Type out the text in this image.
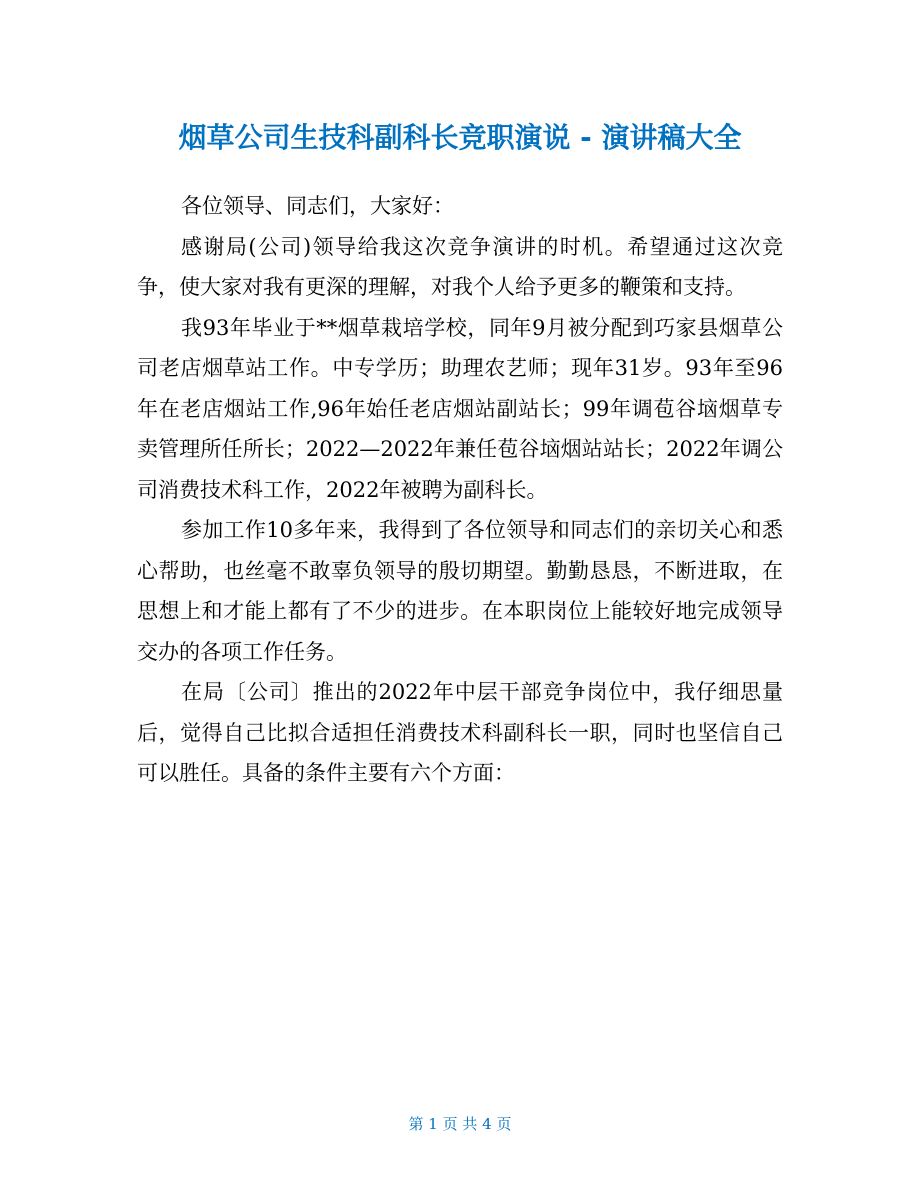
烟草公司生技科副科长竞职演说 - 演讲稿大全

各位领导、同志们，大家好：

感谢局(公司)领导给我这次竞争演讲的时机。希望通过这次竞争，使大家对我有更深的理解，对我个人给予更多的鞭策和支持。

我93年毕业于**烟草栽培学校，同年9月被分配到巧家县烟草公司老店烟草站工作。中专学历；助理农艺师；现年31岁。93年至96年在老店烟站工作,96年始任老店烟站副站长；99年调苞谷垴烟草专卖管理所任所长；2022—2022年兼任苞谷垴烟站站长；2022年调公司消费技术科工作，2022年被聘为副科长。

参加工作10多年来，我得到了各位领导和同志们的亲切关心和悉心帮助，也丝毫不敢辜负领导的殷切期望。勤勤恳恳，不断进取，在思想上和才能上都有了不少的进步。在本职岗位上能较好地完成领导交办的各项工作任务。

在局〔公司〕推出的2022年中层干部竞争岗位中，我仔细思量后，觉得自己比拟合适担任消费技术科副科长一职，同时也坚信自己可以胜任。具备的条件主要有六个方面：

第 1 页 共 4 页
